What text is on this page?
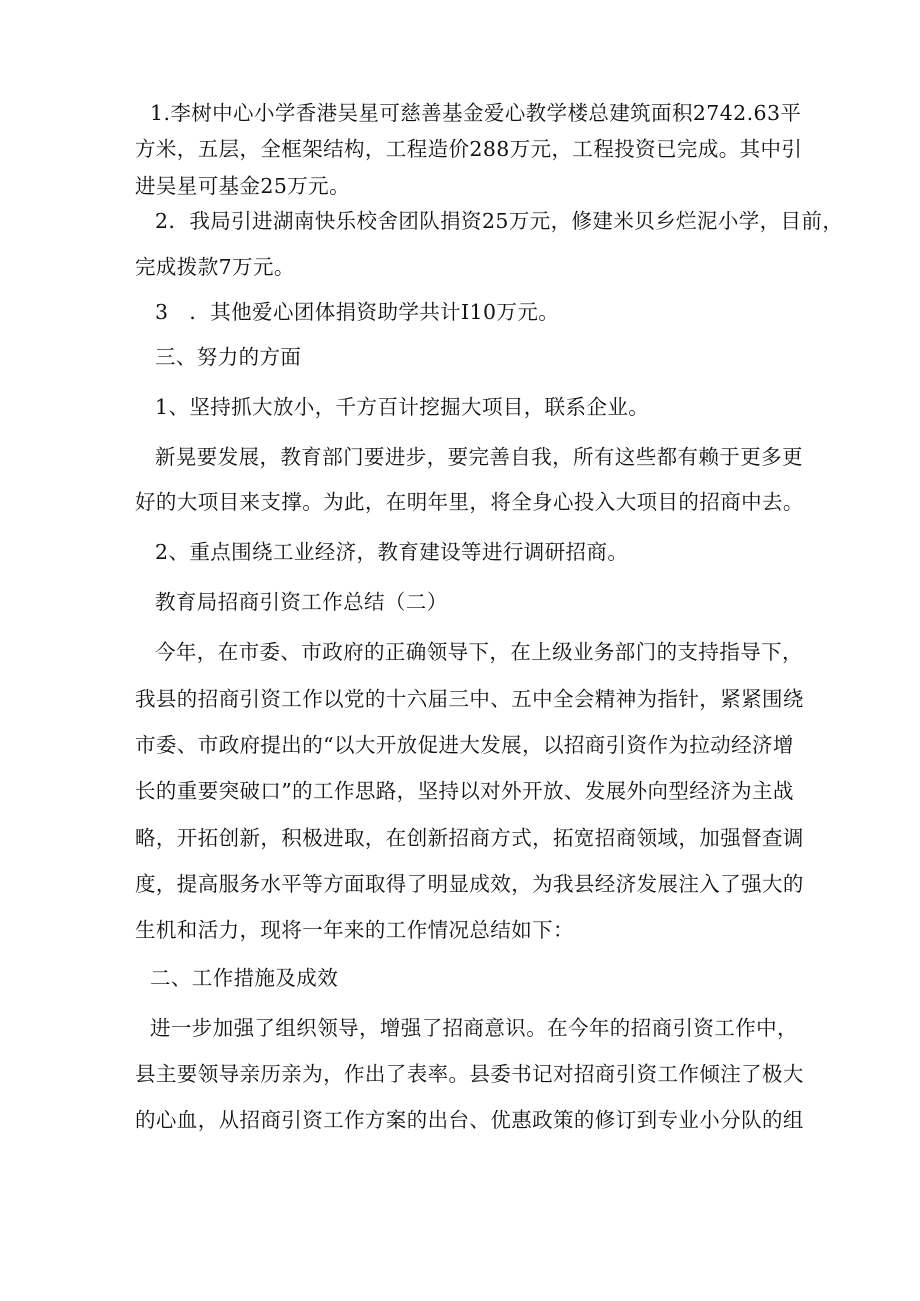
1.李树中心小学香港吴星可慈善基金爱心教学楼总建筑面积2742.63平
方米，五层，全框架结构，工程造价288万元，工程投资已完成。其中引
进吴星可基金25万元。
2．我局引进湖南快乐校舍团队捐资25万元，修建米贝乡烂泥小学，目前，
完成拨款7万元。
3　．其他爱心团体捐资助学共计I10万元。
三、努力的方面
1、坚持抓大放小，千方百计挖掘大项目，联系企业。
新晃要发展，教育部门要进步，要完善自我，所有这些都有赖于更多更
好的大项目来支撑。为此，在明年里，将全身心投入大项目的招商中去。
2、重点围绕工业经济，教育建设等进行调研招商。
教育局招商引资工作总结（二）
今年，在市委、市政府的正确领导下，在上级业务部门的支持指导下，
我县的招商引资工作以党的十六届三中、五中全会精神为指针，紧紧围绕
市委、市政府提出的“以大开放促进大发展，以招商引资作为拉动经济增
长的重要突破口”的工作思路，坚持以对外开放、发展外向型经济为主战
略，开拓创新，积极进取，在创新招商方式，拓宽招商领域，加强督查调
度，提高服务水平等方面取得了明显成效，为我县经济发展注入了强大的
生机和活力，现将一年来的工作情况总结如下：
二、工作措施及成效
进一步加强了组织领导，增强了招商意识。在今年的招商引资工作中，
县主要领导亲历亲为，作出了表率。县委书记对招商引资工作倾注了极大
的心血，从招商引资工作方案的出台、优惠政策的修订到专业小分队的组
